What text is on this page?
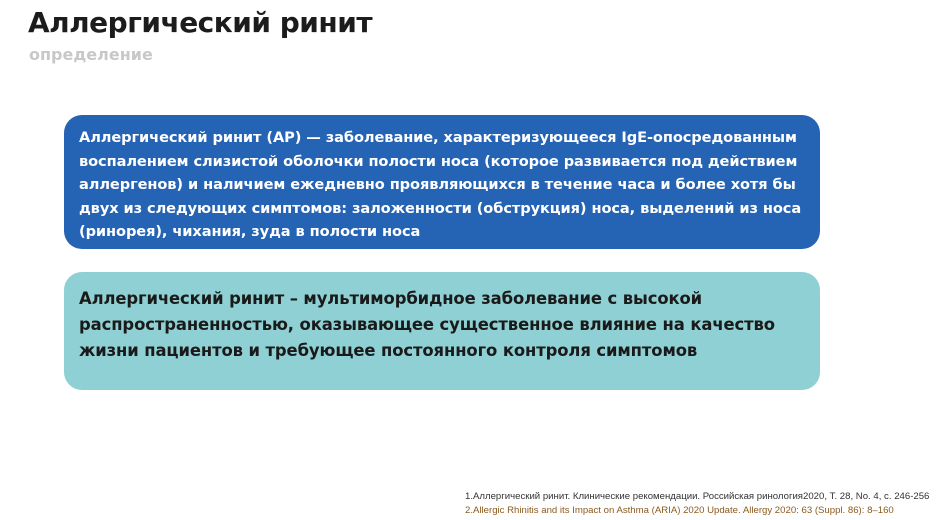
Аллергический ринит
определение
Аллергический ринит (АР) — заболевание, характеризующееся IgE-опосредованным воспалением слизистой оболочки полости носа (которое развивается под действием аллергенов) и наличием ежедневно проявляющихся в течение часа и более хотя бы двух из следующих симптомов: заложенности (обструкция) носа, выделений из носа (ринорея), чихания, зуда в полости носа
Аллергический ринит – мультиморбидное заболевание с высокой распространенностью, оказывающее существенное влияние на качество жизни пациентов и требующее постоянного контроля симптомов
1.Аллергический ринит. Клинические рекомендации. Российская ринология2020, Т. 28, No. 4, с. 246-256
2.Allergic Rhinitis and its Impact on Asthma (ARIA) 2020 Update. Allergy 2020: 63 (Suppl. 86): 8–160
